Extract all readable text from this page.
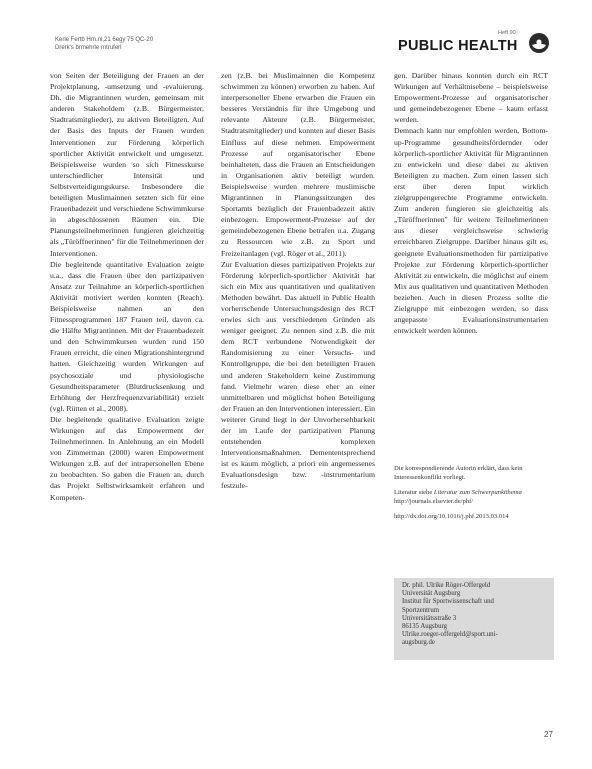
Kerle Fertb Hrn.nl,21 6egy 75 QC-20
Drerk's brmehrle rntruferl
Heft 90
PUBLIC HEALTH

von Seiten der Beteiligung der Frauen an der Projektplanung, -umsetzung und -evaluierung. Dh. die Migrantinnen wurden, gemeinsam mit anderen Stakeholdern (z.B. Bürgermeister, Stadtratsmitglieder), zu aktiven Beteiligten. Auf der Basis des Inputs der Frauen wurden Interventionen zur Förderung körperlich sportlicher Aktivität entwickelt und umgesetzt. Beispielsweise wurden so sich Fitnesskurse unterschiedlicher Intensität und Selbstverteidigungskurse. Insbesondere die beteiligten Muslimainnen setzten sich für eine Frauenbadezeit und verschiedene Schwimmkurse in abgeschlossenen Räumen ein. Die Planungsteilnehmerinnen fungieren gleichzeitig als „Türöffnerinnen" für die Teilnehmerinnen der Interventionen.

Die begleitende quantitative Evaluation zeigte u.a., dass die Frauen über den partizipativen Ansatz zur Teilnahme an körperlich-sportlichen Aktivität motiviert werden konnten (Reach). Beispielsweise nahmen an den Fitnessprogrammen 187 Frauen teil, davon ca. die Hälfte Migrantinnen. Mit der Frauenbadezeit und den Schwimmkursen wurden rund 150 Frauen erreicht, die einen Migrationshintergrund hatten. Gleichzeitig wurden Wirkungen auf psychosoziale und physiologische Gesundheitsparameter (Blutdrucksenkung und Erhöhung der Herzfrequenzvariabilität) erzielt (vgl. Rütten et al., 2008).

Die begleitende qualitative Evaluation zeigte Wirkungen auf das Empowerment der Teilnehmerinnen. In Anlehnung an ein Modell von Zimmerman (2000) waren Empowerment Wirkungen z.B. auf der intrapersonellen Ebene zu beobachten. So gaben die Frauen an, durch das Projekt Selbstwirksamkeit erfahren und Kompeten-

zen (z.B. bei Muslimainnen die Kompetenz schwimmen zu können) erworben zu haben. Auf interpersoneller Ebene erwarben die Frauen ein besseres Verständnis für ihre Umgebung und relevante Akteure (z.B. Bürgermeister, Stadtratsmitglieder) und konnten auf dieser Basis Einfluss auf diese nehmen. Empowerment Prozesse auf organisatorischer Ebene beinhalteten, dass die Frauen an Entscheidungen in Organisationen aktiv beteiligt wurden. Beispielsweise wurden mehrere muslimische Migrantinnen in Planungssitzungen des Sportamts bezüglich der Frauenbadezeit aktiv einbezogen. Empowerment-Prozesse auf der gemeindebezogenen Ebene betrafen u.a. Zugang zu Ressourcen wie z.B. zu Sport und Freizeitanlagen (vgl. Röger et al., 2011).

Zur Evaluation dieses partizipativen Projekts zur Förderung körperlich-sportlicher Aktivität hat sich ein Mix aus quantitativen und qualitativen Methoden bewährt. Das aktuell in Public Health vorherrschende Untersuchungsdesign des RCT erwies sich aus verschiedenen Gründen als weniger geeignet. Zu nennen sind z.B. die mit dem RCT verbundene Notwendigkeit der Randomisierung zu einer Versuchs- und Kontrollgruppe, die bei den beteiligten Frauen und anderen Stakeholdern keine Zustimmung fand. Vielmehr waren diese eher an einer unmittelbaren und möglichst hohen Beteiligung der Frauen an den Interventionen interessiert. Ein weiterer Grund liegt in der Unvorhersehbarkeit der im Laufe der partizipativen Planung entstehenden komplexen Interventionsmaßnahmen. Demententsprechend ist es kaum möglich, a priori ein angemessenes Evaluationsdesign bzw. -instrumentarium festzule-

gen. Darüber hinaus konnten durch ein RCT Wirkungen auf Verhältnisebene – beispielsweise Empowerment-Prozesse auf organisatorischer und gemeindebezogener Ebene – kaum erfasst werden.

Demnach kann nur empfohlen werden, Bottom-up-Programme gesundheitsfördernder oder körperlich-sportlicher Aktivität für Migrantinnen zu entwickeln und diese dabei zu aktiven Beteiligten zu machen. Zum einen lassen sich erst über deren Input wirklich zielgruppengerechte Programme entwickeln. Zum anderen fungieren sie gleichzeitig als „Türöffnerinnen" für weitere Teilnehmerinnen aus dieser vergleichsweise schwierig erreichbaren Zielgruppe. Darüber hinaus gilt es, geeignete Evaluationsmethoden für partizipative Projekte zur Förderung körperlich-sportlicher Aktivität zu entwickeln, die möglichst auf einem Mix aus qualitativen und quantitativen Methoden beziehen. Auch in diesen Prozess sollte die Zielgruppe mit einbezogen werden, so dass angepasste Evaluationsinstrumentarien entwickelt werden können.

Die korrespondierende Autorin erklärt, dass kein Interessenkonflikt vorliegt.

Literatur siehe Literatur zum Schwerpunktthema
http://journals.elsevier.de/phf/

http://dx.doi.org/10.1016/j.phf.2013.03.014

Dr. phil. Ulrike Röger-Offergeld
Universität Augsburg
Institut für Sportwissenschaft und
Sportzentrum
Universitätsstraße 3
86135 Augsburg
Ulrike.roeger-offergeld@sport.uni-
augsburg.de
27
